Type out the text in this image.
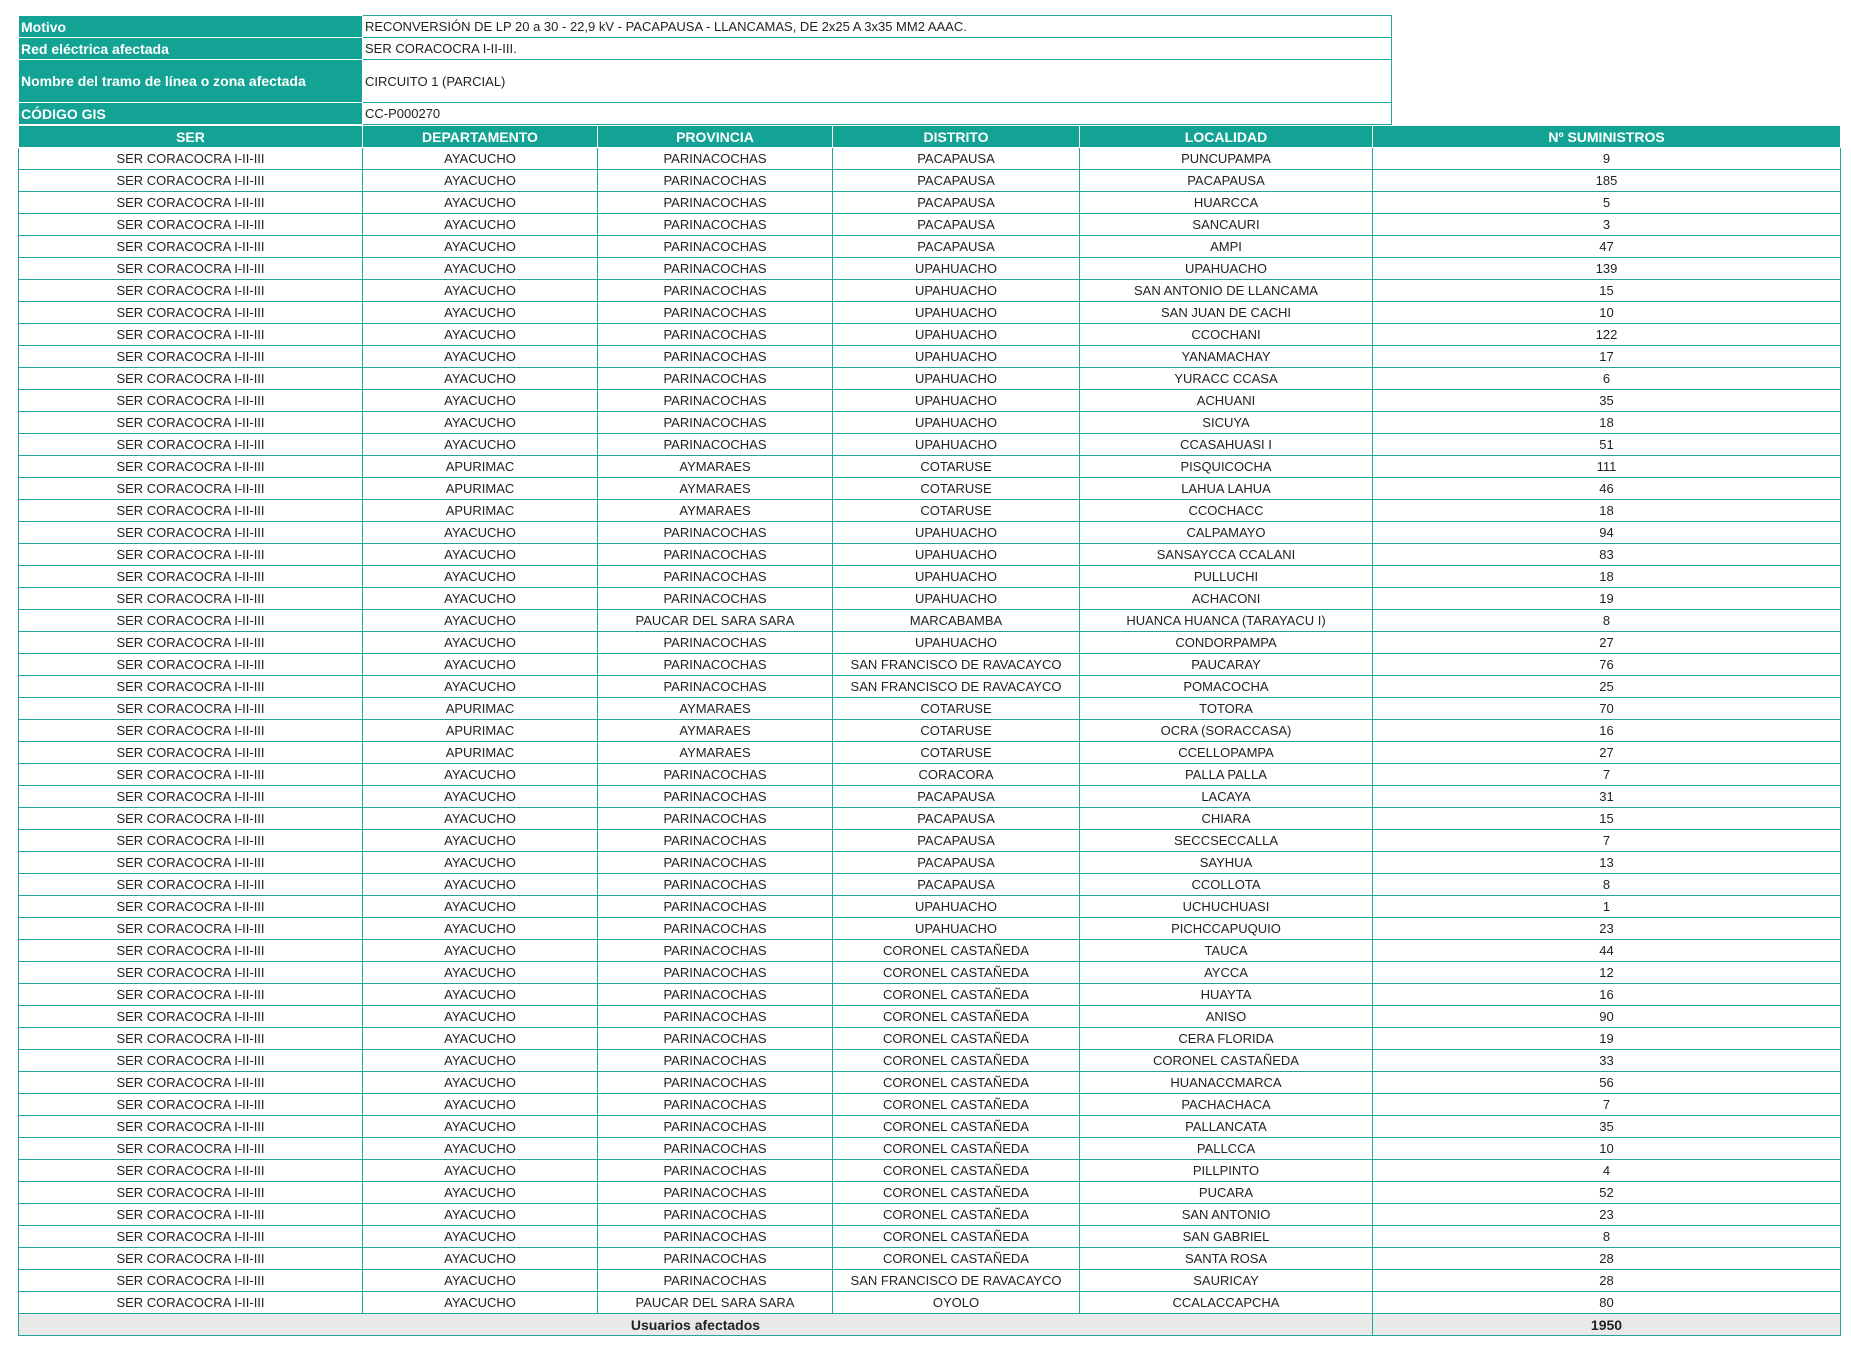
Motivo	RECONVERSIÓN DE LP 20 a 30 - 22,9 kV - PACAPAUSA - LLANCAMAS, DE 2x25 A 3x35 MM2 AAAC.
Red eléctrica afectada	SER CORACOCRA I-II-III.
Nombre del tramo de línea o zona afectada	CIRCUITO 1 (PARCIAL)
CÓDIGO GIS	CC-P000270
SER	DEPARTAMENTO	PROVINCIA	DISTRITO	LOCALIDAD	Nº SUMINISTROS
SER CORACOCRA I-II-III	AYACUCHO	PARINACOCHAS	PACAPAUSA	PUNCUPAMPA	9
SER CORACOCRA I-II-III	AYACUCHO	PARINACOCHAS	PACAPAUSA	PACAPAUSA	185
SER CORACOCRA I-II-III	AYACUCHO	PARINACOCHAS	PACAPAUSA	HUARCCA	5
SER CORACOCRA I-II-III	AYACUCHO	PARINACOCHAS	PACAPAUSA	SANCAURI	3
SER CORACOCRA I-II-III	AYACUCHO	PARINACOCHAS	PACAPAUSA	AMPI	47
SER CORACOCRA I-II-III	AYACUCHO	PARINACOCHAS	UPAHUACHO	UPAHUACHO	139
SER CORACOCRA I-II-III	AYACUCHO	PARINACOCHAS	UPAHUACHO	SAN ANTONIO DE LLANCAMA	15
SER CORACOCRA I-II-III	AYACUCHO	PARINACOCHAS	UPAHUACHO	SAN JUAN DE CACHI	10
SER CORACOCRA I-II-III	AYACUCHO	PARINACOCHAS	UPAHUACHO	CCOCHANI	122
SER CORACOCRA I-II-III	AYACUCHO	PARINACOCHAS	UPAHUACHO	YANAMACHAY	17
SER CORACOCRA I-II-III	AYACUCHO	PARINACOCHAS	UPAHUACHO	YURACC CCASA	6
SER CORACOCRA I-II-III	AYACUCHO	PARINACOCHAS	UPAHUACHO	ACHUANI	35
SER CORACOCRA I-II-III	AYACUCHO	PARINACOCHAS	UPAHUACHO	SICUYA	18
SER CORACOCRA I-II-III	AYACUCHO	PARINACOCHAS	UPAHUACHO	CCASAHUASI I	51
SER CORACOCRA I-II-III	APURIMAC	AYMARAES	COTARUSE	PISQUICOCHA	111
SER CORACOCRA I-II-III	APURIMAC	AYMARAES	COTARUSE	LAHUA LAHUA	46
SER CORACOCRA I-II-III	APURIMAC	AYMARAES	COTARUSE	CCOCHACC	18
SER CORACOCRA I-II-III	AYACUCHO	PARINACOCHAS	UPAHUACHO	CALPAMAYO	94
SER CORACOCRA I-II-III	AYACUCHO	PARINACOCHAS	UPAHUACHO	SANSAYCCA CCALANI	83
SER CORACOCRA I-II-III	AYACUCHO	PARINACOCHAS	UPAHUACHO	PULLUCHI	18
SER CORACOCRA I-II-III	AYACUCHO	PARINACOCHAS	UPAHUACHO	ACHACONI	19
SER CORACOCRA I-II-III	AYACUCHO	PAUCAR DEL SARA SARA	MARCABAMBA	HUANCA HUANCA (TARAYACU I)	8
SER CORACOCRA I-II-III	AYACUCHO	PARINACOCHAS	UPAHUACHO	CONDORPAMPA	27
SER CORACOCRA I-II-III	AYACUCHO	PARINACOCHAS	SAN FRANCISCO DE RAVACAYCO	PAUCARAY	76
SER CORACOCRA I-II-III	AYACUCHO	PARINACOCHAS	SAN FRANCISCO DE RAVACAYCO	POMACOCHA	25
SER CORACOCRA I-II-III	APURIMAC	AYMARAES	COTARUSE	TOTORA	70
SER CORACOCRA I-II-III	APURIMAC	AYMARAES	COTARUSE	OCRA (SORACCASA)	16
SER CORACOCRA I-II-III	APURIMAC	AYMARAES	COTARUSE	CCELLOPAMPA	27
SER CORACOCRA I-II-III	AYACUCHO	PARINACOCHAS	CORACORA	PALLA PALLA	7
SER CORACOCRA I-II-III	AYACUCHO	PARINACOCHAS	PACAPAUSA	LACAYA	31
SER CORACOCRA I-II-III	AYACUCHO	PARINACOCHAS	PACAPAUSA	CHIARA	15
SER CORACOCRA I-II-III	AYACUCHO	PARINACOCHAS	PACAPAUSA	SECCSECCALLA	7
SER CORACOCRA I-II-III	AYACUCHO	PARINACOCHAS	PACAPAUSA	SAYHUA	13
SER CORACOCRA I-II-III	AYACUCHO	PARINACOCHAS	PACAPAUSA	CCOLLOTA	8
SER CORACOCRA I-II-III	AYACUCHO	PARINACOCHAS	UPAHUACHO	UCHUCHUASI	1
SER CORACOCRA I-II-III	AYACUCHO	PARINACOCHAS	UPAHUACHO	PICHCCAPUQUIO	23
SER CORACOCRA I-II-III	AYACUCHO	PARINACOCHAS	CORONEL CASTAÑEDA	TAUCA	44
SER CORACOCRA I-II-III	AYACUCHO	PARINACOCHAS	CORONEL CASTAÑEDA	AYCCA	12
SER CORACOCRA I-II-III	AYACUCHO	PARINACOCHAS	CORONEL CASTAÑEDA	HUAYTA	16
SER CORACOCRA I-II-III	AYACUCHO	PARINACOCHAS	CORONEL CASTAÑEDA	ANISO	90
SER CORACOCRA I-II-III	AYACUCHO	PARINACOCHAS	CORONEL CASTAÑEDA	CERA FLORIDA	19
SER CORACOCRA I-II-III	AYACUCHO	PARINACOCHAS	CORONEL CASTAÑEDA	CORONEL CASTAÑEDA	33
SER CORACOCRA I-II-III	AYACUCHO	PARINACOCHAS	CORONEL CASTAÑEDA	HUANACCMARCA	56
SER CORACOCRA I-II-III	AYACUCHO	PARINACOCHAS	CORONEL CASTAÑEDA	PACHACHACA	7
SER CORACOCRA I-II-III	AYACUCHO	PARINACOCHAS	CORONEL CASTAÑEDA	PALLANCATA	35
SER CORACOCRA I-II-III	AYACUCHO	PARINACOCHAS	CORONEL CASTAÑEDA	PALLCCA	10
SER CORACOCRA I-II-III	AYACUCHO	PARINACOCHAS	CORONEL CASTAÑEDA	PILLPINTO	4
SER CORACOCRA I-II-III	AYACUCHO	PARINACOCHAS	CORONEL CASTAÑEDA	PUCARA	52
SER CORACOCRA I-II-III	AYACUCHO	PARINACOCHAS	CORONEL CASTAÑEDA	SAN ANTONIO	23
SER CORACOCRA I-II-III	AYACUCHO	PARINACOCHAS	CORONEL CASTAÑEDA	SAN GABRIEL	8
SER CORACOCRA I-II-III	AYACUCHO	PARINACOCHAS	CORONEL CASTAÑEDA	SANTA ROSA	28
SER CORACOCRA I-II-III	AYACUCHO	PARINACOCHAS	SAN FRANCISCO DE RAVACAYCO	SAURICAY	28
SER CORACOCRA I-II-III	AYACUCHO	PAUCAR DEL SARA SARA	OYOLO	CCALACCAPCHA	80
Usuarios afectados					1950
